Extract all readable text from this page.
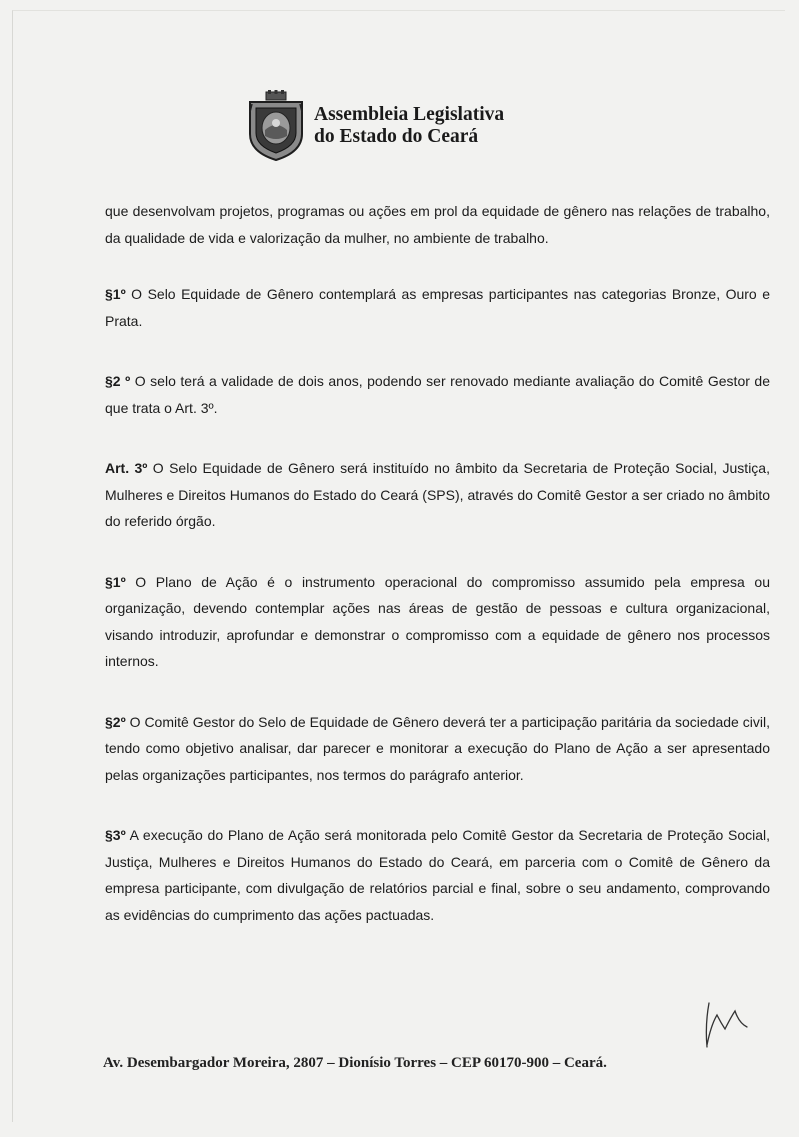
Assembleia Legislativa
do Estado do Ceará

que desenvolvam projetos, programas ou ações em prol da equidade de gênero nas relações de trabalho, da qualidade de vida e valorização da mulher, no ambiente de trabalho.

§1º O Selo Equidade de Gênero contemplará as empresas participantes nas categorias Bronze, Ouro e Prata.

§2 º O selo terá a validade de dois anos, podendo ser renovado mediante avaliação do Comitê Gestor de que trata o Art. 3º.

Art. 3º O Selo Equidade de Gênero será instituído no âmbito da Secretaria de Proteção Social, Justiça, Mulheres e Direitos Humanos do Estado do Ceará (SPS), através do Comitê Gestor a ser criado no âmbito do referido órgão.

§1º O Plano de Ação é o instrumento operacional do compromisso assumido pela empresa ou organização, devendo contemplar ações nas áreas de gestão de pessoas e cultura organizacional, visando introduzir, aprofundar e demonstrar o compromisso com a equidade de gênero nos processos internos.

§2º O Comitê Gestor do Selo de Equidade de Gênero deverá ter a participação paritária da sociedade civil, tendo como objetivo analisar, dar parecer e monitorar a execução do Plano de Ação a ser apresentado pelas organizações participantes, nos termos do parágrafo anterior.

§3º A execução do Plano de Ação será monitorada pelo Comitê Gestor da Secretaria de Proteção Social, Justiça, Mulheres e Direitos Humanos do Estado do Ceará, em parceria com o Comitê de Gênero da empresa participante, com divulgação de relatórios parcial e final, sobre o seu andamento, comprovando as evidências do cumprimento das ações pactuadas.

Av. Desembargador Moreira, 2807 – Dionísio Torres – CEP 60170-900 – Ceará.
